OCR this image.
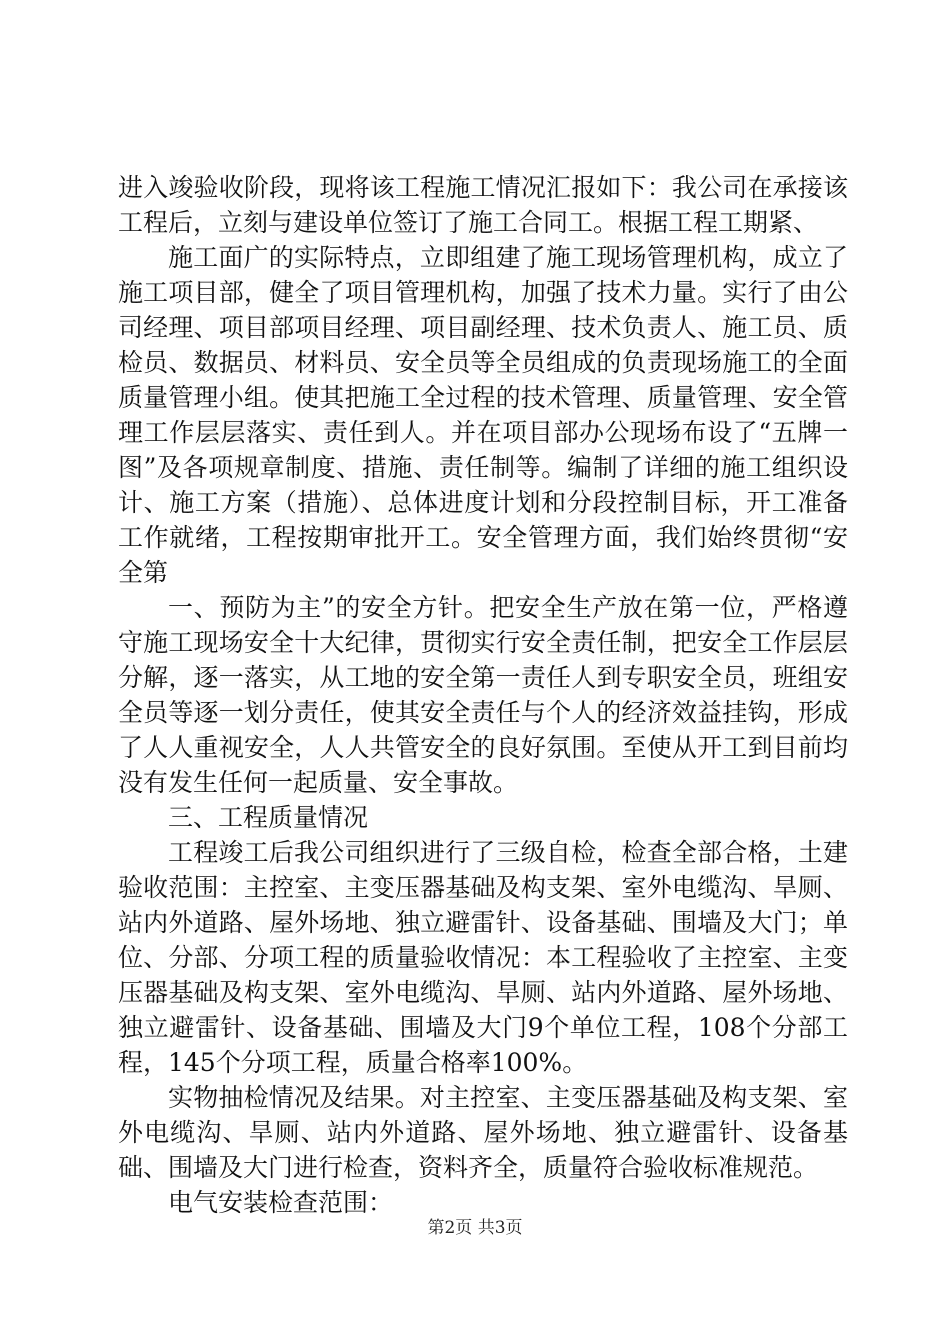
进入竣验收阶段，现将该工程施工情况汇报如下：我公司在承接该工程后，立刻与建设单位签订了施工合同工。根据工程工期紧、

施工面广的实际特点，立即组建了施工现场管理机构，成立了施工项目部，健全了项目管理机构，加强了技术力量。实行了由公司经理、项目部项目经理、项目副经理、技术负责人、施工员、质检员、数据员、材料员、安全员等全员组成的负责现场施工的全面质量管理小组。使其把施工全过程的技术管理、质量管理、安全管理工作层层落实、责任到人。并在项目部办公现场布设了“五牌一图”及各项规章制度、措施、责任制等。编制了详细的施工组织设计、施工方案（措施）、总体进度计划和分段控制目标，开工准备工作就绪，工程按期审批开工。安全管理方面，我们始终贯彻“安全第

一、预防为主”的安全方针。把安全生产放在第一位，严格遵守施工现场安全十大纪律，贯彻实行安全责任制，把安全工作层层分解，逐一落实，从工地的安全第一责任人到专职安全员，班组安全员等逐一划分责任，使其安全责任与个人的经济效益挂钩，形成了人人重视安全，人人共管安全的良好氛围。至使从开工到目前均没有发生任何一起质量、安全事故。

三、工程质量情况

工程竣工后我公司组织进行了三级自检，检查全部合格，土建验收范围：主控室、主变压器基础及构支架、室外电缆沟、旱厕、站内外道路、屋外场地、独立避雷针、设备基础、围墙及大门；单位、分部、分项工程的质量验收情况：本工程验收了主控室、主变压器基础及构支架、室外电缆沟、旱厕、站内外道路、屋外场地、独立避雷针、设备基础、围墙及大门9个单位工程，108个分部工程，145个分项工程，质量合格率100%。

实物抽检情况及结果。对主控室、主变压器基础及构支架、室外电缆沟、旱厕、站内外道路、屋外场地、独立避雷针、设备基础、围墙及大门进行检查，资料齐全，质量符合验收标准规范。

电气安装检查范围：

第2页 共3页
